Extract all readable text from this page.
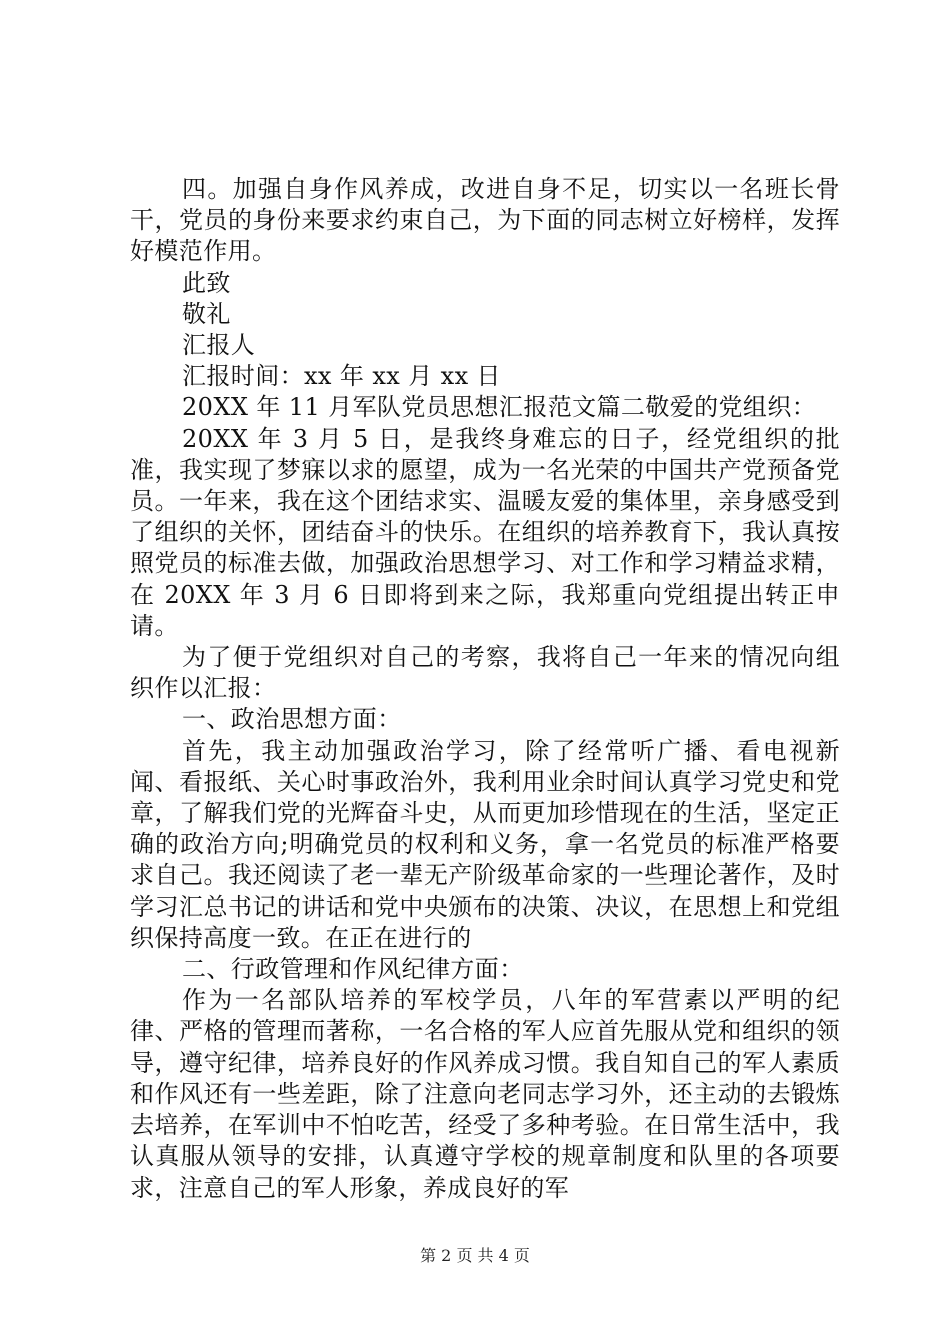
四。加强自身作风养成，改进自身不足，切实以一名班长骨干，党员的身份来要求约束自己，为下面的同志树立好榜样，发挥好模范作用。

此致

敬礼

汇报人

汇报时间：xx 年 xx 月 xx 日

20XX 年 11 月军队党员思想汇报范文篇二敬爱的党组织：

20XX 年 3 月 5 日，是我终身难忘的日子，经党组织的批准，我实现了梦寐以求的愿望，成为一名光荣的中国共产党预备党员。一年来，我在这个团结求实、温暖友爱的集体里，亲身感受到了组织的关怀，团结奋斗的快乐。在组织的培养教育下，我认真按照党员的标准去做，加强政治思想学习、对工作和学习精益求精，在 20XX 年 3 月 6 日即将到来之际，我郑重向党组提出转正申请。

为了便于党组织对自己的考察，我将自己一年来的情况向组织作以汇报：

一、政治思想方面：

首先，我主动加强政治学习，除了经常听广播、看电视新闻、看报纸、关心时事政治外，我利用业余时间认真学习党史和党章，了解我们党的光辉奋斗史，从而更加珍惜现在的生活，坚定正确的政治方向;明确党员的权利和义务，拿一名党员的标准严格要求自己。我还阅读了老一辈无产阶级革命家的一些理论著作，及时学习汇总书记的讲话和党中央颁布的决策、决议，在思想上和党组织保持高度一致。在正在进行的

二、行政管理和作风纪律方面：

作为一名部队培养的军校学员，八年的军营素以严明的纪律、严格的管理而著称，一名合格的军人应首先服从党和组织的领导，遵守纪律，培养良好的作风养成习惯。我自知自己的军人素质和作风还有一些差距，除了注意向老同志学习外，还主动的去锻炼去培养，在军训中不怕吃苦，经受了多种考验。在日常生活中，我认真服从领导的安排，认真遵守学校的规章制度和队里的各项要求，注意自己的军人形象，养成良好的军

第 2 页 共 4 页
